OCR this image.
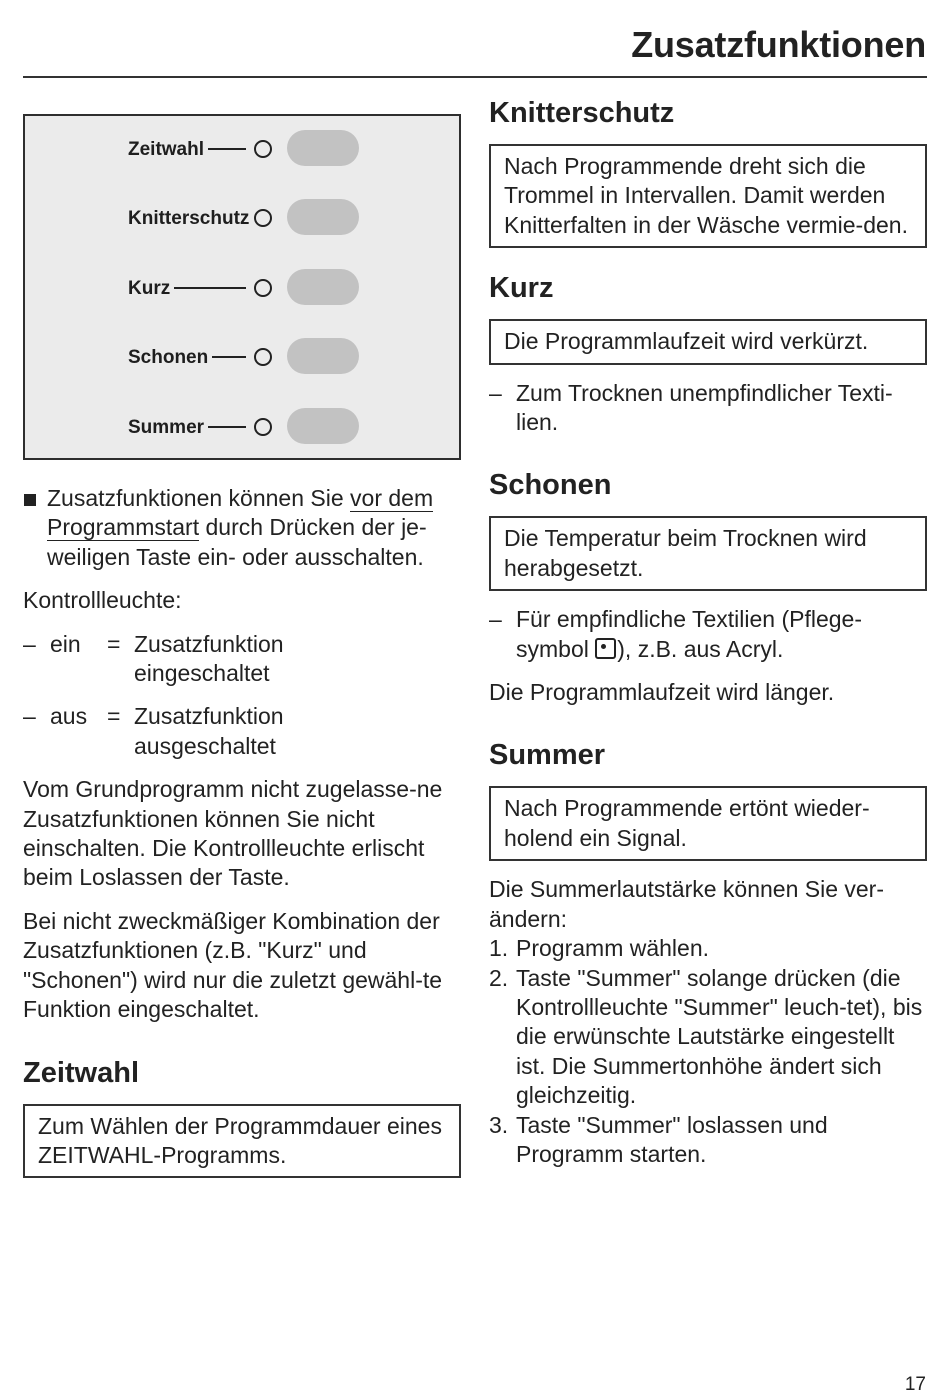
Zusatzfunktionen
Zeitwahl
Knitterschutz
Kurz
Schonen
Summer
Zusatzfunktionen können Sie vor dem Programmstart durch Drücken der je-weiligen Taste ein- oder ausschalten.

Kontrollleuchte:

– ein	= Zusatzfunktion eingeschaltet
– aus = Zusatzfunktion ausgeschaltet

Vom Grundprogramm nicht zugelasse-ne Zusatzfunktionen können Sie nicht einschalten. Die Kontrollleuchte erlischt beim Loslassen der Taste.

Bei nicht zweckmäßiger Kombination der Zusatzfunktionen (z.B. "Kurz" und "Schonen") wird nur die zuletzt gewähl-te Funktion eingeschaltet.

Zeitwahl
Zum Wählen der Programmdauer eines ZEITWAHL-Programms.
Knitterschutz
Nach Programmende dreht sich die Trommel in Intervallen. Damit werden Knitterfalten in der Wäsche vermie-den.
Kurz
Die Programmlaufzeit wird verkürzt.
– Zum Trocknen unempfindlicher Texti-lien.
Schonen
Die Temperatur beim Trocknen wird herabgesetzt.
– Für empfindliche Textilien (Pflege-symbol ), z.B. aus Acryl.

Die Programmlaufzeit wird länger.

Summer
Nach Programmende ertönt wieder-holend ein Signal.

Die Summerlautstärke können Sie ver-ändern:

1. Programm wählen.
2. Taste "Summer" solange drücken (die Kontrollleuchte "Summer" leuch-tet), bis die erwünschte Lautstärke eingestellt ist. Die Summertonhöhe ändert sich gleichzeitig.
3. Taste "Summer" loslassen und Programm starten.
17
